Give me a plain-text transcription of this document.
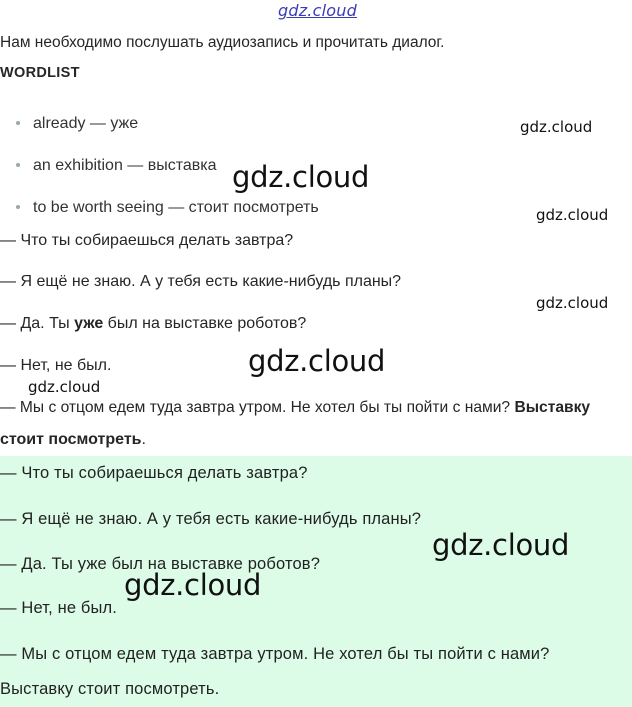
gdz.cloud
Нам необходимо послушать аудиозапись и прочитать диалог.
WORDLIST
already — уже
an exhibition — выставка
to be worth seeing — стоит посмотреть
— Что ты собираешься делать завтра?
— Я ещё не знаю. А у тебя есть какие-нибудь планы?
— Да. Ты уже был на выставке роботов?
— Нет, не был.
— Мы с отцом едем туда завтра утром. Не хотел бы ты пойти с нами? Выставку
стоит посмотреть.
— Что ты собираешься делать завтра?
— Я ещё не знаю. А у тебя есть какие-нибудь планы?
— Да. Ты уже был на выставке роботов?
— Нет, не был.
— Мы с отцом едем туда завтра утром. Не хотел бы ты пойти с нами?
Выставку стоит посмотреть.
gdz.cloud
gdz.cloud
gdz.cloud
gdz.cloud
gdz.cloud
gdz.cloud
gdz.cloud
gdz.cloud
